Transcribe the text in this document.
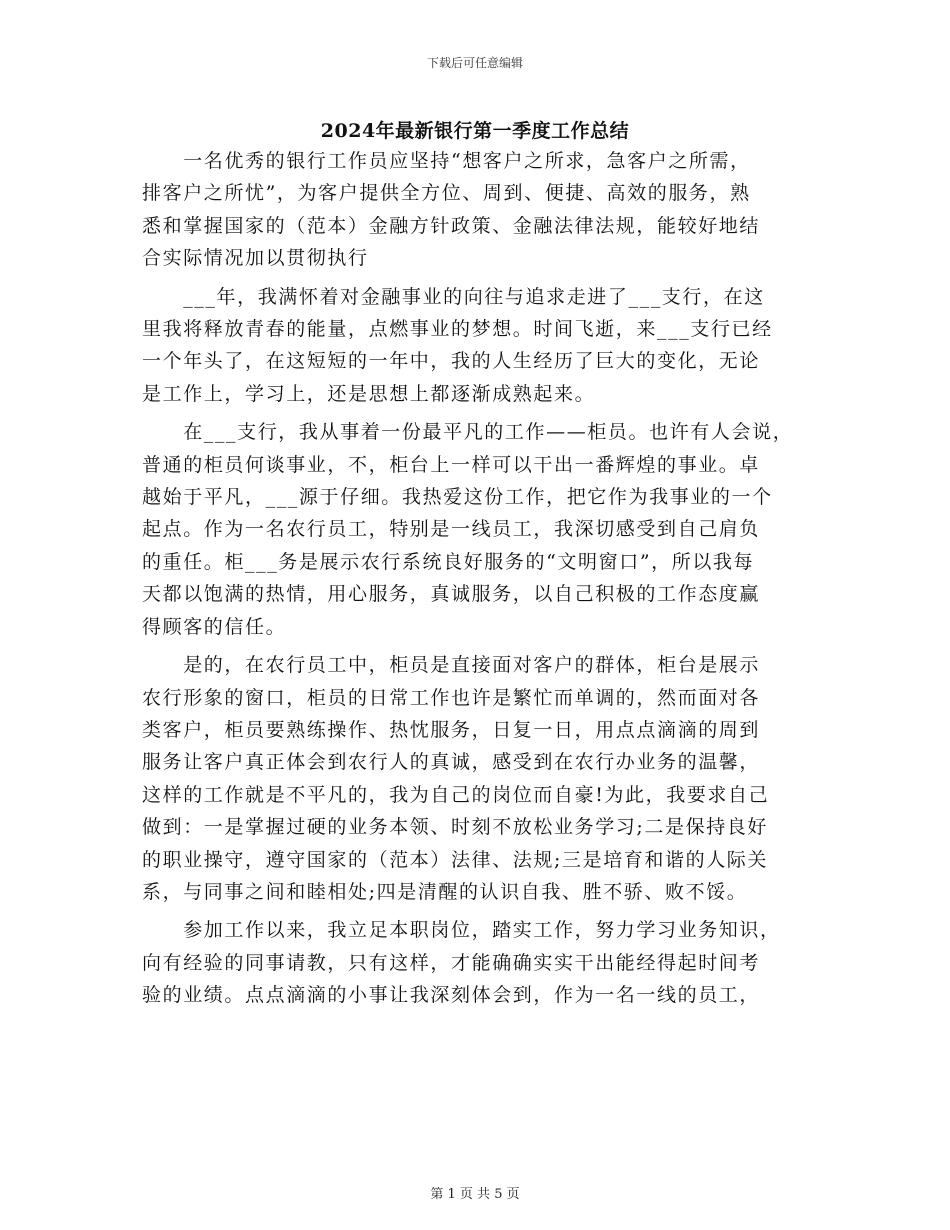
下载后可任意编辑
2024年最新银行第一季度工作总结

　　一名优秀的银行工作员应坚持“想客户之所求，急客户之所需，
排客户之所忧”，为客户提供全方位、周到、便捷、高效的服务，熟
悉和掌握国家的（范本）金融方针政策、金融法律法规，能较好地结
合实际情况加以贯彻执行

　　___年，我满怀着对金融事业的向往与追求走进了___支行，在这
里我将释放青春的能量，点燃事业的梦想。时间飞逝，来___支行已经
一个年头了，在这短短的一年中，我的人生经历了巨大的变化，无论
是工作上，学习上，还是思想上都逐渐成熟起来。

　　在___支行，我从事着一份最平凡的工作——柜员。也许有人会说，
普通的柜员何谈事业，不，柜台上一样可以干出一番辉煌的事业。卓
越始于平凡，___源于仔细。我热爱这份工作，把它作为我事业的一个
起点。作为一名农行员工，特别是一线员工，我深切感受到自己肩负
的重任。柜___务是展示农行系统良好服务的“文明窗口”，所以我每
天都以饱满的热情，用心服务，真诚服务，以自己积极的工作态度赢
得顾客的信任。

　　是的，在农行员工中，柜员是直接面对客户的群体，柜台是展示
农行形象的窗口，柜员的日常工作也许是繁忙而单调的，然而面对各
类客户，柜员要熟练操作、热忱服务，日复一日，用点点滴滴的周到
服务让客户真正体会到农行人的真诚，感受到在农行办业务的温馨，
这样的工作就是不平凡的，我为自己的岗位而自豪!为此，我要求自己
做到：一是掌握过硬的业务本领、时刻不放松业务学习;二是保持良好
的职业操守，遵守国家的（范本）法律、法规;三是培育和谐的人际关
系，与同事之间和睦相处;四是清醒的认识自我、胜不骄、败不馁。

　　参加工作以来，我立足本职岗位，踏实工作，努力学习业务知识，
向有经验的同事请教，只有这样，才能确确实实干出能经得起时间考
验的业绩。点点滴滴的小事让我深刻体会到，作为一名一线的员工，

第 1 页 共 5 页
